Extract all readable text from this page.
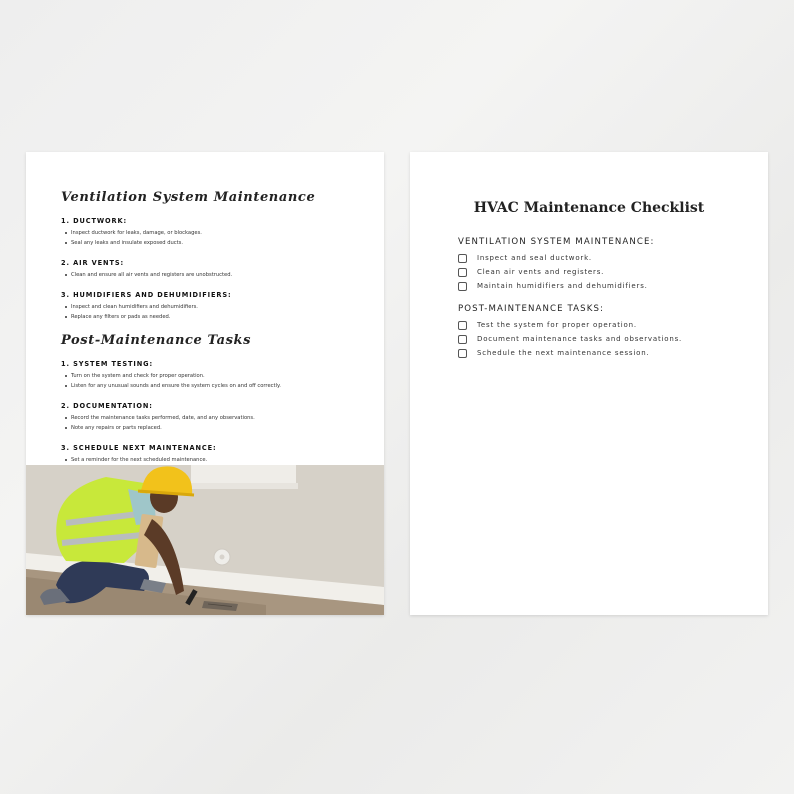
Ventilation System Maintenance
1. DUCTWORK:
Inspect ductwork for leaks, damage, or blockages.
Seal any leaks and insulate exposed ducts.
2. AIR VENTS:
Clean and ensure all air vents and registers are unobstructed.
3. HUMIDIFIERS AND DEHUMIDIFIERS:
Inspect and clean humidifiers and dehumidifiers.
Replace any filters or pads as needed.
Post-Maintenance Tasks
1. SYSTEM TESTING:
Turn on the system and check for proper operation.
Listen for any unusual sounds and ensure the system cycles on and off correctly.
2. DOCUMENTATION:
Record the maintenance tasks performed, date, and any observations.
Note any repairs or parts replaced.
3. SCHEDULE NEXT MAINTENANCE:
Set a reminder for the next scheduled maintenance.
HVAC Maintenance Checklist
VENTILATION SYSTEM MAINTENANCE:
Inspect and seal ductwork.
Clean air vents and registers.
Maintain humidifiers and dehumidifiers.
POST-MAINTENANCE TASKS:
Test the system for proper operation.
Document maintenance tasks and observations.
Schedule the next maintenance session.
